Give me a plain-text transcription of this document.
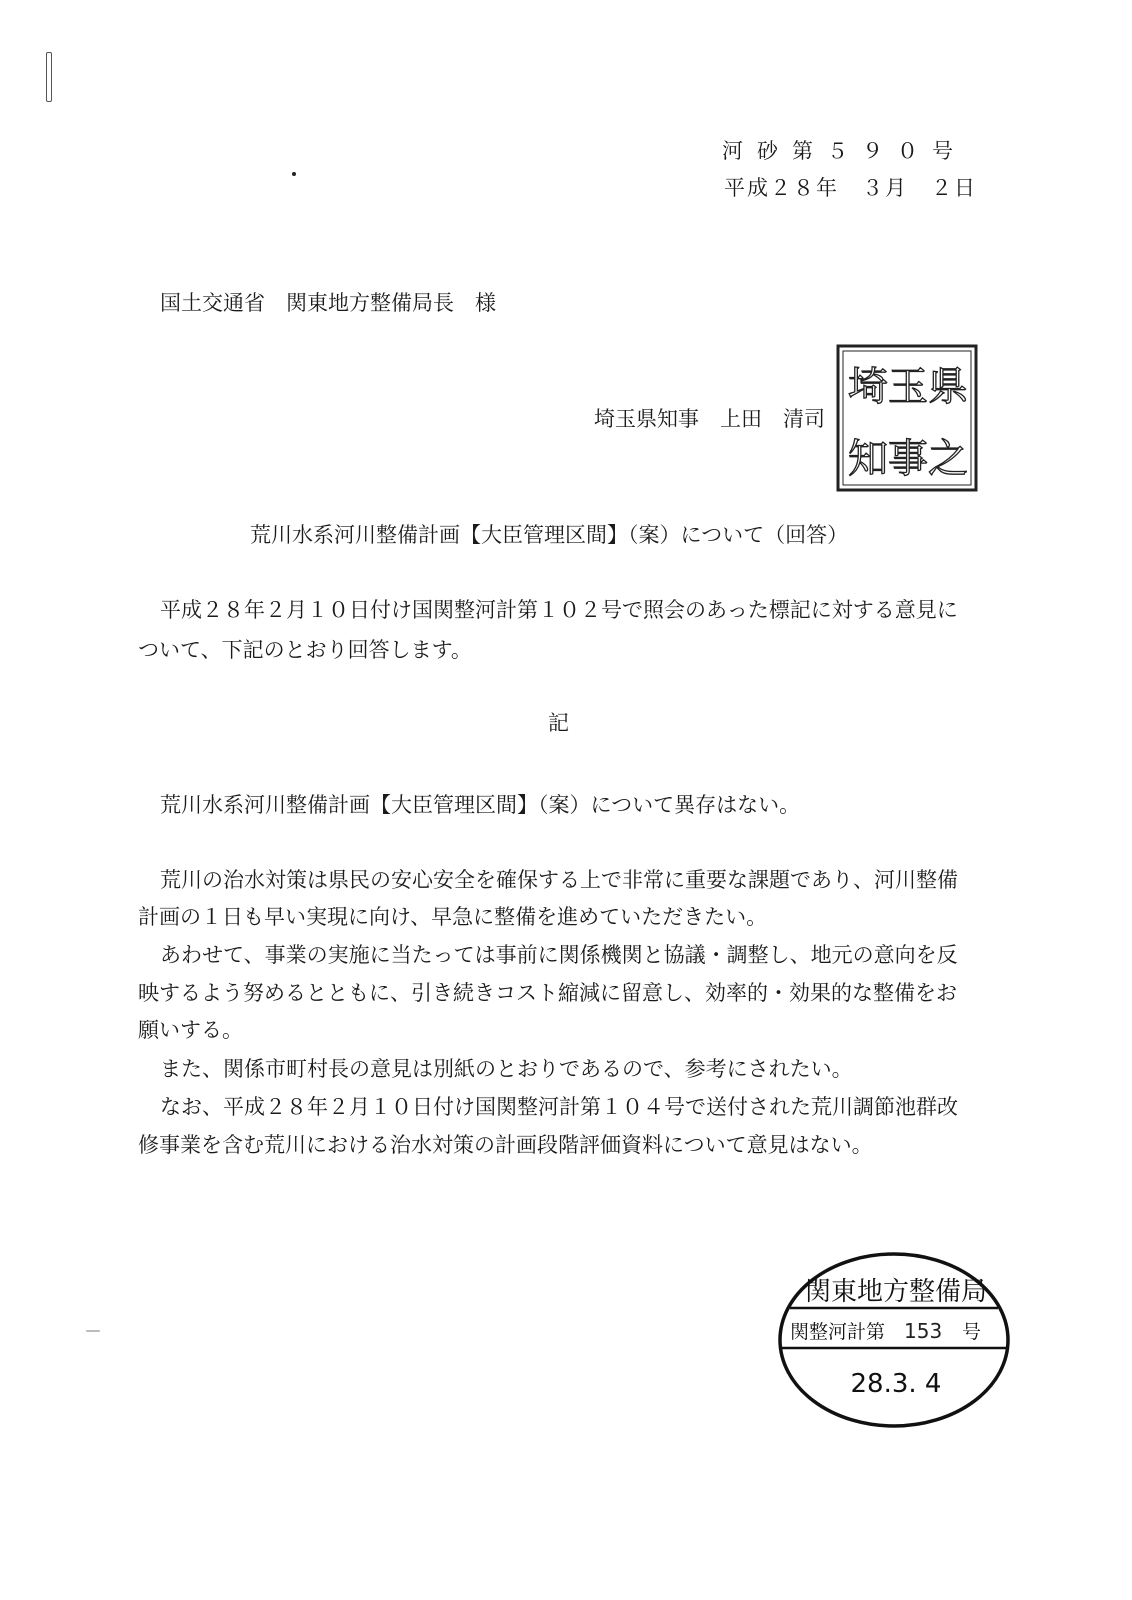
河砂第５９０号
平成２８年　３月　２日
国土交通省　関東地方整備局長　様
埼玉県知事　上田　清司
県
之
玉
事
埼
知
荒川水系河川整備計画【大臣管理区間】（案）について（回答）
平成２８年２月１０日付け国関整河計第１０２号で照会のあった標記に対する意見に
ついて、下記のとおり回答します。
記
荒川水系河川整備計画【大臣管理区間】（案）について異存はない。
荒川の治水対策は県民の安心安全を確保する上で非常に重要な課題であり、河川整備
計画の１日も早い実現に向け、早急に整備を進めていただきたい。
あわせて、事業の実施に当たっては事前に関係機関と協議・調整し、地元の意向を反
映するよう努めるとともに、引き続きコスト縮減に留意し、効率的・効果的な整備をお
願いする。
また、関係市町村長の意見は別紙のとおりであるので、参考にされたい。
なお、平成２８年２月１０日付け国関整河計第１０４号で送付された荒川調節池群改
修事業を含む荒川における治水対策の計画段階評価資料について意見はない。
関東地方整備局
関整河計第 153 号
28.3. 4
